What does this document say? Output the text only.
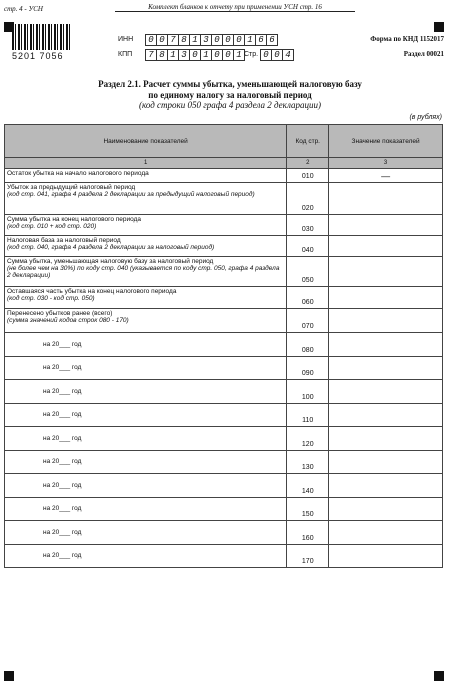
стр. 4 - УСН	Комплект бланков к отчету при применении УСН стр. 16
5201 7056
ИНН	0 0 7 8 1 3 0 0 0 1 6 6
КПП	7 8 1 3 0 1 0 0 1 Стр. 0 0 4
Форма по КНД 1152017
Раздел 00021
Раздел 2.1. Расчет суммы убытка, уменьшающей налоговую базу
по единому налогу за налоговый период
(код строки 050 графа 4 раздела 2 декларации)
(в рублях)
Наименование показателей	Код стр.	Значение показателей
1	2	3

Остаток убытка на начало налогового периода	010	—

Убыток за предыдущий налоговый период
(код стр. 041, графа 4 раздела 2 декларации за предыдущий налоговый период)	020	

Сумма убытка на конец налогового периода
(код стр. 010 + код стр. 020)	030	

Налоговая база за налоговый период
(код стр. 040, графа 4 раздела 2 декларации за налоговый период)	040	

Сумма убытка, уменьшающая налоговую базу за налоговый период
(не более чем на 30%) по коду стр. 040 (указывается по коду стр. 050, графа 4 раздела 2 декларации)	050	

Оставшаяся часть убытка на конец налогового периода
(код стр. 030 - код стр. 050)	060	

Перенесено убытков ранее (всего)
(сумма значений кодов строк 080 - 170)	070	
на 20___ год	080	
на 20___ год	090	
на 20___ год	100	
на 20___ год	110	
на 20___ год	120	
на 20___ год	130	
на 20___ год	140	
на 20___ год	150	
на 20___ год	160	
на 20___ год	170	
